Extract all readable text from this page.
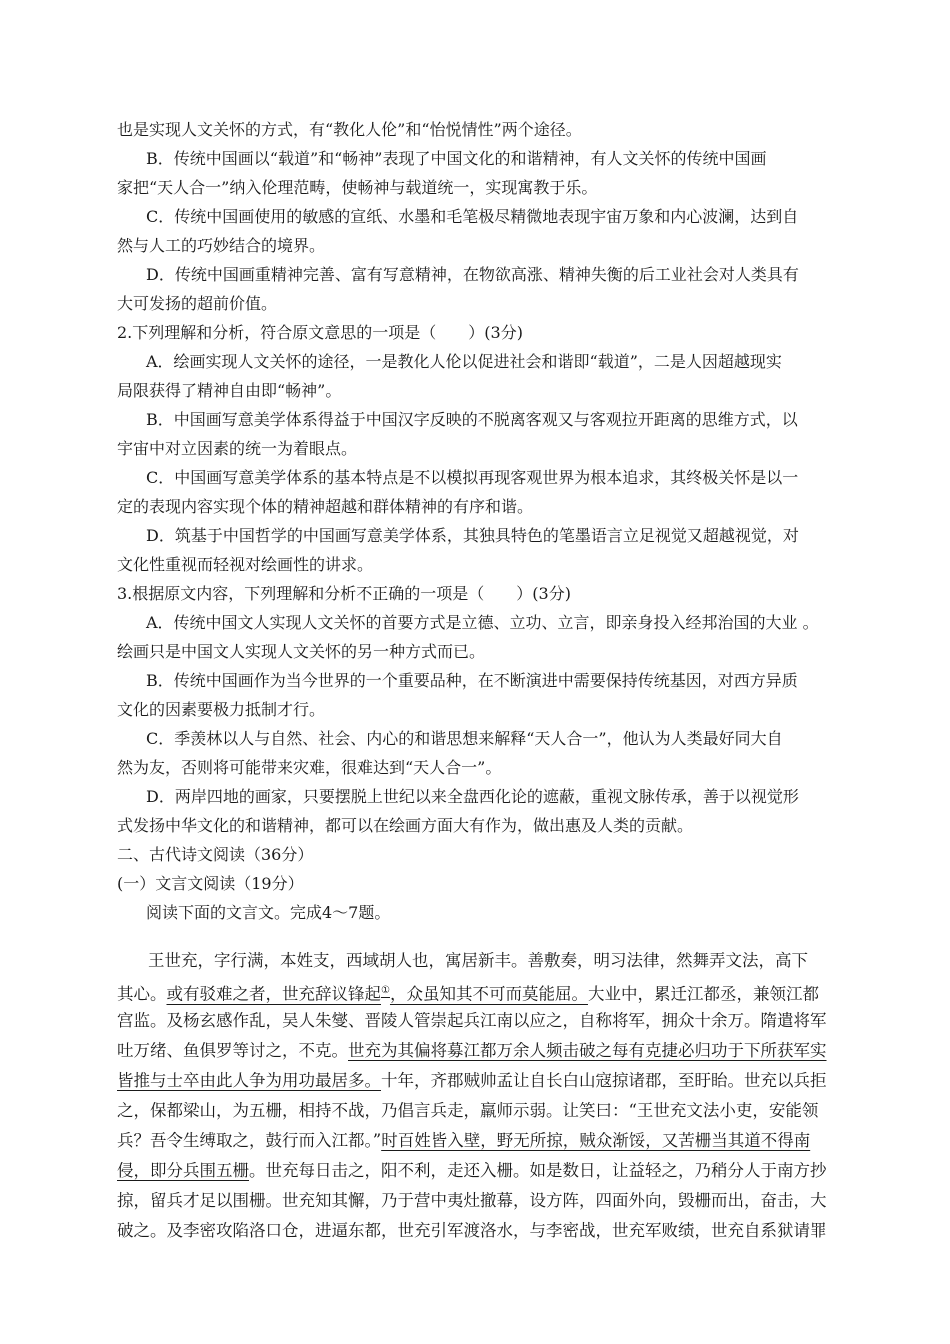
也是实现人文关怀的方式，有“教化人伦”和“怡悦情性”两个途径。
B．传统中国画以“载道”和“畅神”表现了中国文化的和谐精神，有人文关怀的传统中国画
家把“天人合一”纳入伦理范畴，使畅神与载道统一，实现寓教于乐。
C．传统中国画使用的敏感的宣纸、水墨和毛笔极尽精微地表现宇宙万象和内心波澜，达到自
然与人工的巧妙结合的境界。
D．传统中国画重精神完善、富有写意精神，在物欲高涨、精神失衡的后工业社会对人类具有
大可发扬的超前价值。
2.下列理解和分析，符合原文意思的一项是（　　）(3分)
A．绘画实现人文关怀的途径，一是教化人伦以促进社会和谐即“载道”，二是人因超越现实
局限获得了精神自由即“畅神”。
B．中国画写意美学体系得益于中国汉字反映的不脱离客观又与客观拉开距离的思维方式，以
宇宙中对立因素的统一为着眼点。
C．中国画写意美学体系的基本特点是不以模拟再现客观世界为根本追求，其终极关怀是以一
定的表现内容实现个体的精神超越和群体精神的有序和谐。
D．筑基于中国哲学的中国画写意美学体系，其独具特色的笔墨语言立足视觉又超越视觉，对
文化性重视而轻视对绘画性的讲求。
3.根据原文内容，下列理解和分析不正确的一项是（　　）(3分)
A．传统中国文人实现人文关怀的首要方式是立德、立功、立言，即亲身投入经邦治国的大业 。
绘画只是中国文人实现人文关怀的另一种方式而已。
B．传统中国画作为当今世界的一个重要品种，在不断演进中需要保持传统基因，对西方异质
文化的因素要极力抵制才行。
C．季羡林以人与自然、社会、内心的和谐思想来解释“天人合一”，他认为人类最好同大自
然为友，否则将可能带来灾难，很难达到“天人合一”。
D．两岸四地的画家，只要摆脱上世纪以来全盘西化论的遮蔽，重视文脉传承，善于以视觉形
式发扬中华文化的和谐精神，都可以在绘画方面大有作为，做出惠及人类的贡献。
二、古代诗文阅读（36分）
(一）文言文阅读（19分）
阅读下面的文言文。完成4～7题。
王世充，字行满，本姓支，西域胡人也，寓居新丰。善敷奏，明习法律，然舞弄文法，高下
其心。或有驳难之者，世充辞议锋起①，众虽知其不可而莫能屈。大业中，累迁江都丞，兼领江都
宫监。及杨玄感作乱，吴人朱燮、晋陵人管崇起兵江南以应之，自称将军，拥众十余万。隋遣将军
吐万绪、鱼俱罗等讨之，不克。世充为其偏将募江都万余人频击破之每有克捷必归功于下所获军实
皆推与士卒由此人争为用功最居多。十年，齐郡贼帅孟让自长白山寇掠诸郡，至盱眙。世充以兵拒
之，保都梁山，为五栅，相持不战，乃倡言兵走，羸师示弱。让笑曰：“王世充文法小吏，安能领
兵？吾令生缚取之，鼓行而入江都。”时百姓皆入壁，野无所掠，贼众渐馁，又苦栅当其道不得南
侵，即分兵围五栅。世充每日击之，阳不利，走还入栅。如是数日，让益轻之，乃稍分人于南方抄
掠，留兵才足以围栅。世充知其懈，乃于营中夷灶撤幕，设方阵，四面外向，毁栅而出，奋击，大
破之。及李密攻陷洛口仓，进逼东都，世充引军渡洛水，与李密战，世充军败绩，世充自系狱请罪
